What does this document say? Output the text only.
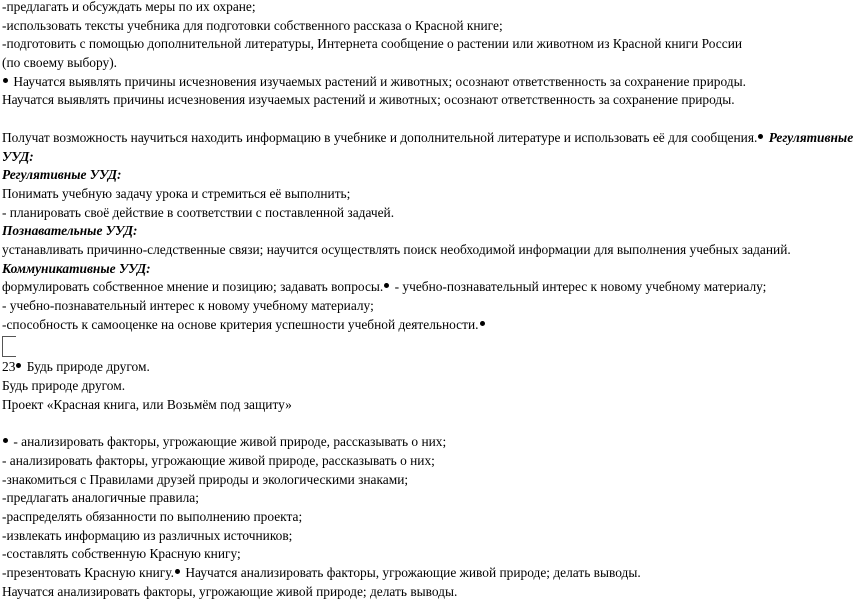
-предлагать и обсуждать меры по их охране;
-использовать тексты учебника для подготовки собственного рассказа о Красной книге;
-подготовить с помощью дополнительной литературы, Интернета сообщение о растении или животном из Красной книги России
(по своему выбору).
Научатся выявлять причины исчезновения изучаемых растений и животных; осознают ответственность за сохранение природы.
Научатся выявлять причины исчезновения изучаемых растений и животных; осознают ответственность за сохранение природы.
Получат возможность научиться находить информацию в учебнике и дополнительной литературе и использовать её для сообщения. Регулятивные
УУД:
Регулятивные УУД:
Понимать учебную задачу урока и стремиться её выполнить;
- планировать своё действие в соответствии с поставленной задачей.
Познавательные УУД:
устанавливать причинно-следственные связи; научится осуществлять поиск необходимой информации для выполнения учебных заданий.
Коммуникативные УУД:
формулировать собственное мнение и позицию; задавать вопросы. - учебно-познавательный интерес к новому учебному материалу;
- учебно-познавательный интерес к новому учебному материалу;
-способность к самооценке на основе критерия успешности учебной деятельности.
23 Будь природе другом.
Будь природе другом.
Проект «Красная книга, или Возьмём под защиту»
- анализировать факторы, угрожающие живой природе, рассказывать о них;
- анализировать факторы, угрожающие живой природе, рассказывать о них;
-знакомиться с Правилами друзей природы и экологическими знаками;
-предлагать аналогичные правила;
-распределять обязанности по выполнению проекта;
-извлекать информацию из различных источников;
-составлять собственную Красную книгу;
-презентовать Красную книгу. Научатся анализировать факторы, угрожающие живой природе; делать выводы.
Научатся анализировать факторы, угрожающие живой природе; делать выводы.
